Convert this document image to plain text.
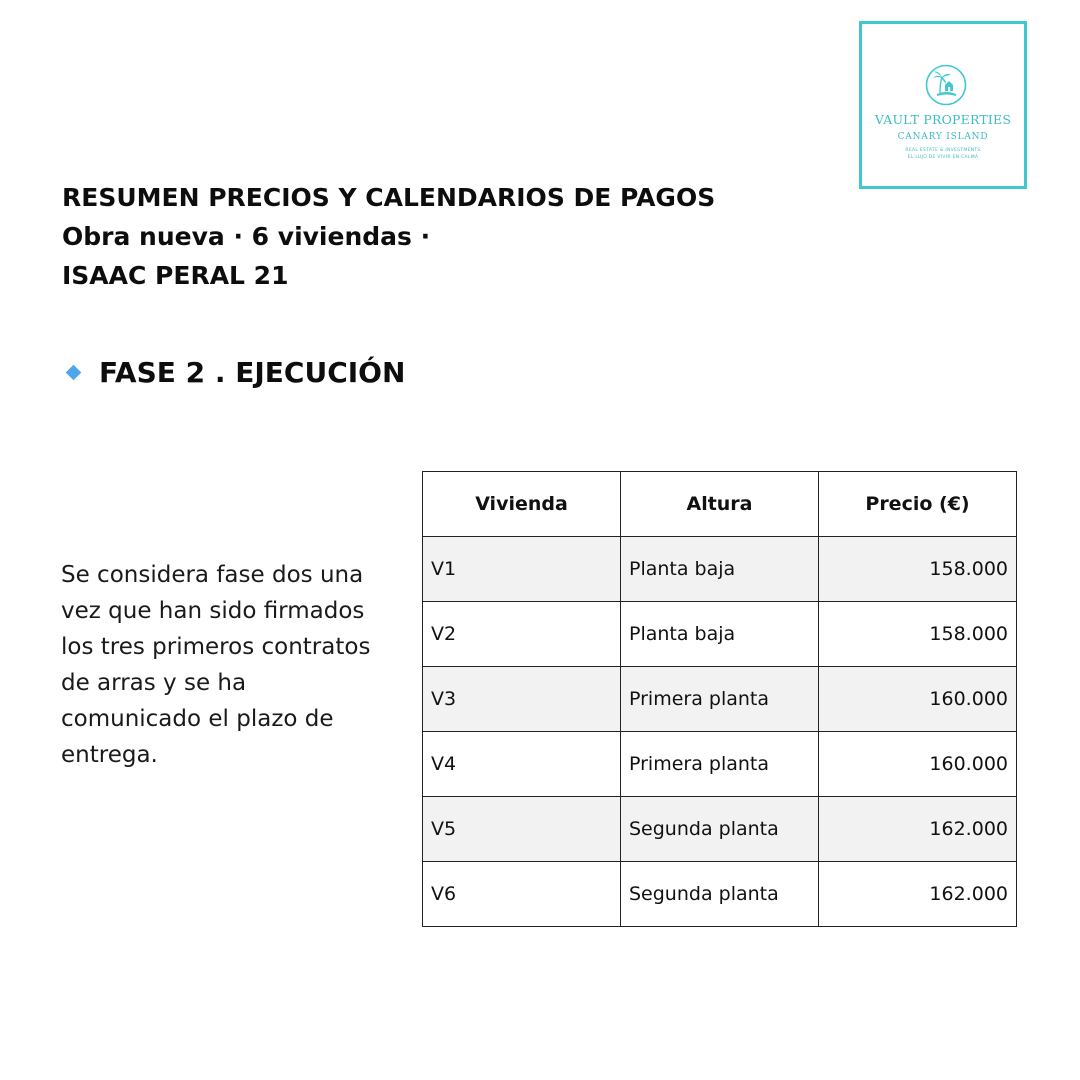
VAULT PROPERTIES
CANARY ISLAND
REAL ESTATE & INVESTMENTS
EL LUJO DE VIVIR EN CALMA
RESUMEN PRECIOS Y CALENDARIOS DE PAGOS
Obra nueva · 6 viviendas ·
ISAAC PERAL 21
FASE 2 . EJECUCIÓN
Se considera fase dos una vez que han sido firmados los tres primeros contratos de arras y se ha comunicado el plazo de entrega.
Vivienda	Altura	Precio (€)
V1	Planta baja	158.000
V2	Planta baja	158.000
V3	Primera planta	160.000
V4	Primera planta	160.000
V5	Segunda planta	162.000
V6	Segunda planta	162.000
